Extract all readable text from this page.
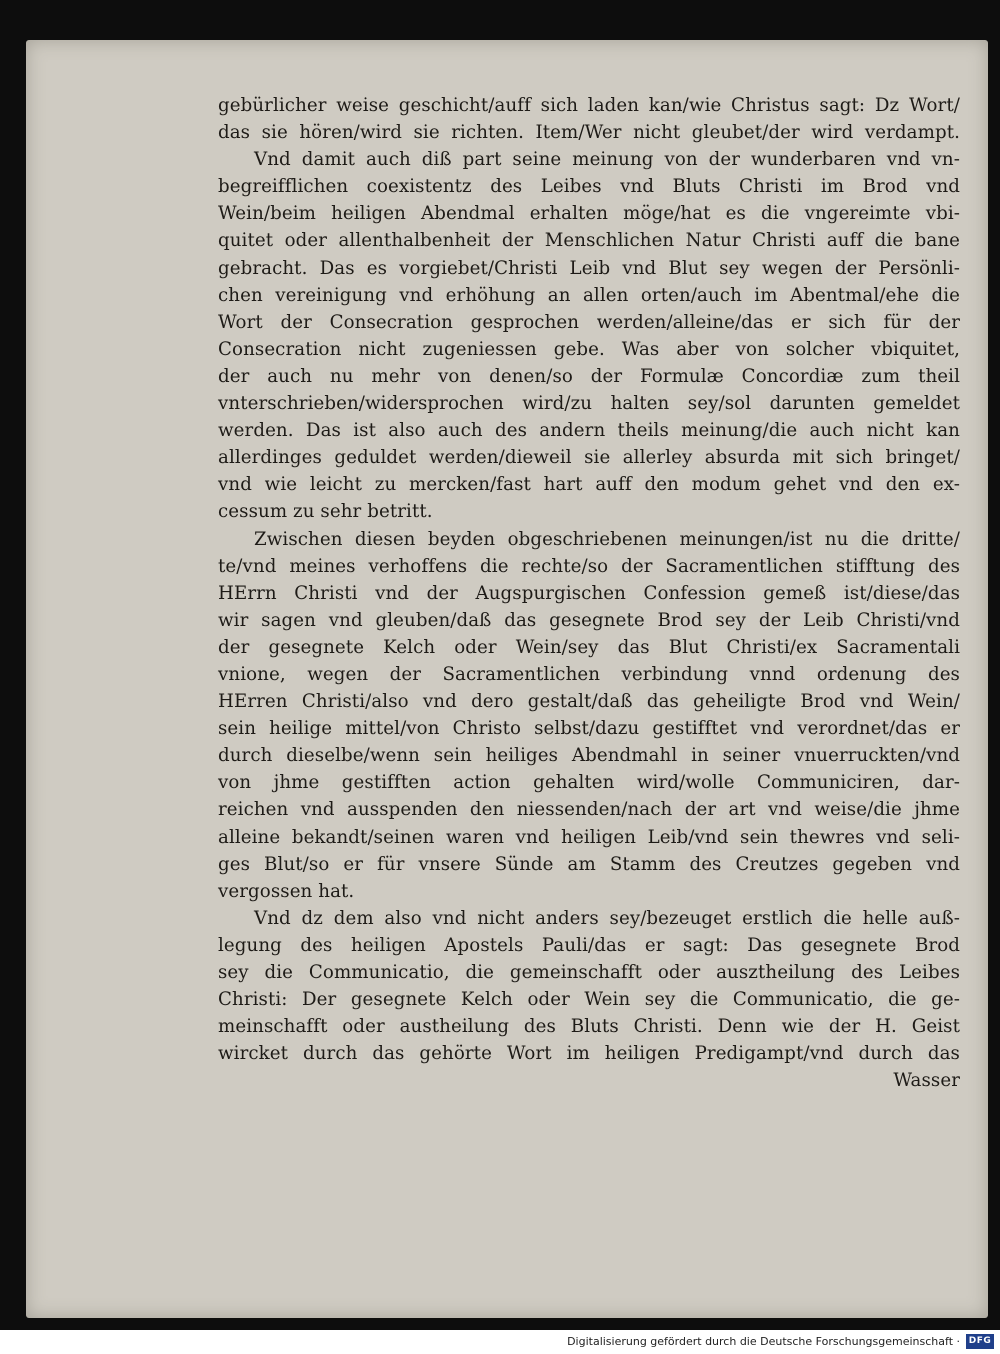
gebürlicher weise geschicht/auff sich laden kan/wie Christus sagt: Dz Wort/
das sie hören/wird sie richten. Item/Wer nicht gleubet/der wird verdampt.
Vnd damit auch diß part seine meinung von der wunderbaren vnd vn-
begreifflichen coexistentz des Leibes vnd Bluts Christi im Brod vnd
Wein/beim heiligen Abendmal erhalten möge/hat es die vngereimte vbi-
quitet oder allenthalbenheit der Menschlichen Natur Christi auff die bane
gebracht. Das es vorgiebet/Christi Leib vnd Blut sey wegen der Persönli-
chen vereinigung vnd erhöhung an allen orten/auch im Abentmal/ehe die
Wort der Consecration gesprochen werden/alleine/das er sich für der
Consecration nicht zugeniessen gebe. Was aber von solcher vbiquitet,
der auch nu mehr von denen/so der Formulæ Concordiæ zum theil
vnterschrieben/widersprochen wird/zu halten sey/sol darunten gemeldet
werden. Das ist also auch des andern theils meinung/die auch nicht kan
allerdinges geduldet werden/dieweil sie allerley absurda mit sich bringet/
vnd wie leicht zu mercken/fast hart auff den modum gehet vnd den ex-
cessum zu sehr betritt.
Zwischen diesen beyden obgeschriebenen meinungen/ist nu die dritte/
te/vnd meines verhoffens die rechte/so der Sacramentlichen stifftung des
HErrn Christi vnd der Augspurgischen Confession gemeß ist/diese/das
wir sagen vnd gleuben/daß das gesegnete Brod sey der Leib Christi/vnd
der gesegnete Kelch oder Wein/sey das Blut Christi/ex Sacramentali
vnione, wegen der Sacramentlichen verbindung vnnd ordenung des
HErren Christi/also vnd dero gestalt/daß das geheiligte Brod vnd Wein/
sein heilige mittel/von Christo selbst/dazu gestifftet vnd verordnet/das er
durch dieselbe/wenn sein heiliges Abendmahl in seiner vnuerruckten/vnd
von jhme gestifften action gehalten wird/wolle Communiciren, dar-
reichen vnd ausspenden den niessenden/nach der art vnd weise/die jhme
alleine bekandt/seinen waren vnd heiligen Leib/vnd sein thewres vnd seli-
ges Blut/so er für vnsere Sünde am Stamm des Creutzes gegeben vnd
vergossen hat.
Vnd dz dem also vnd nicht anders sey/bezeuget erstlich die helle auß-
legung des heiligen Apostels Pauli/das er sagt: Das gesegnete Brod
sey die Communicatio, die gemeinschafft oder ausztheilung des Leibes
Christi: Der gesegnete Kelch oder Wein sey die Communicatio, die ge-
meinschafft oder austheilung des Bluts Christi. Denn wie der H. Geist
wircket durch das gehörte Wort im heiligen Predigampt/vnd durch das
Wasser
Digitalisierung gefördert durch die Deutsche Forschungsgemeinschaft · DFG
